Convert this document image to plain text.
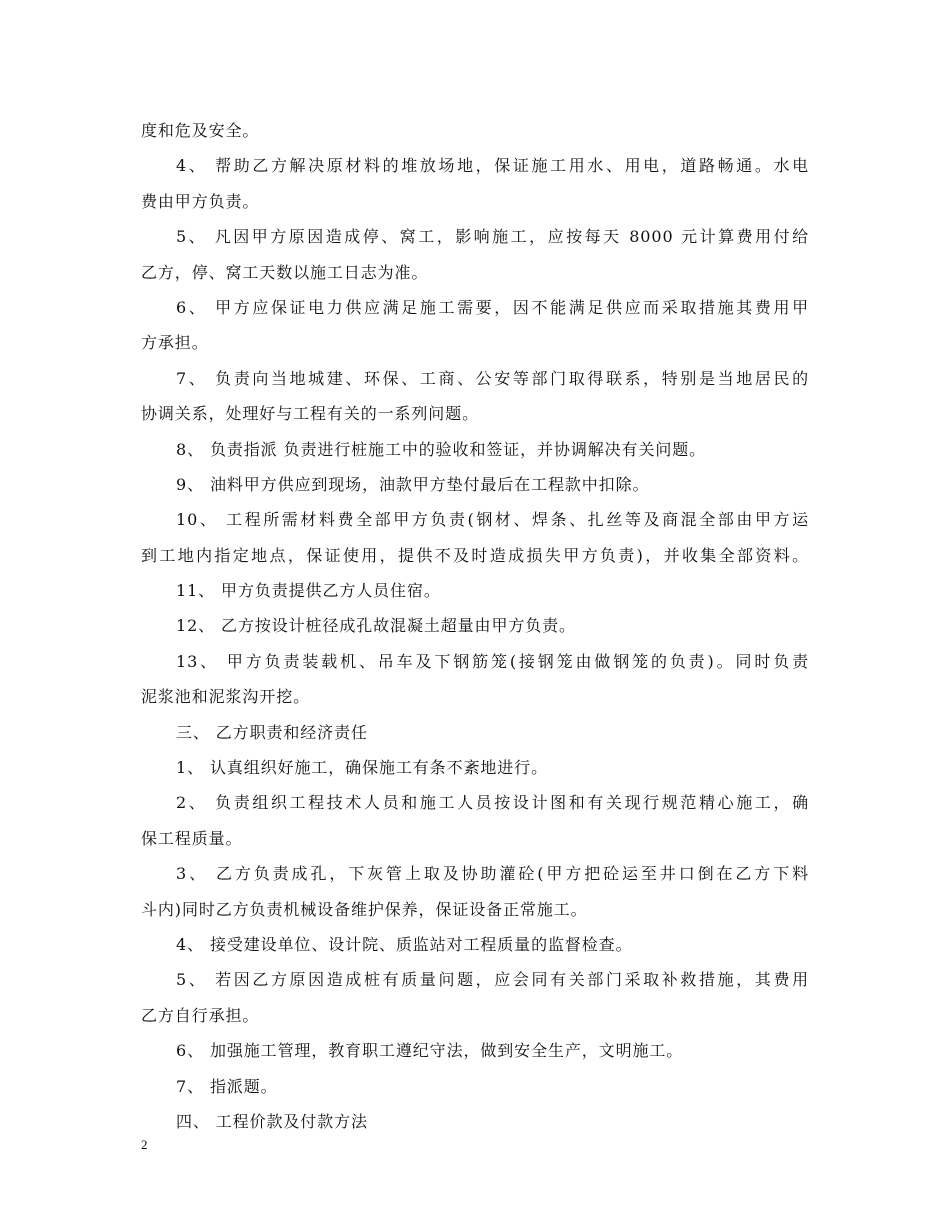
度和危及安全。
4、 帮助乙方解决原材料的堆放场地，保证施工用水、用电，道路畅通。水电
费由甲方负责。
5、 凡因甲方原因造成停、窝工，影响施工，应按每天 8000 元计算费用付给
乙方，停、窝工天数以施工日志为准。
6、 甲方应保证电力供应满足施工需要，因不能满足供应而采取措施其费用甲
方承担。
7、 负责向当地城建、环保、工商、公安等部门取得联系，特别是当地居民的
协调关系，处理好与工程有关的一系列问题。
8、 负责指派 负责进行桩施工中的验收和签证，并协调解决有关问题。
9、 油料甲方供应到现场，油款甲方垫付最后在工程款中扣除。
10、 工程所需材料费全部甲方负责(钢材、焊条、扎丝等及商混全部由甲方运
到工地内指定地点，保证使用，提供不及时造成损失甲方负责)，并收集全部资料。
11、 甲方负责提供乙方人员住宿。
12、 乙方按设计桩径成孔故混凝土超量由甲方负责。
13、 甲方负责装载机、吊车及下钢筋笼(接钢笼由做钢笼的负责)。同时负责
泥浆池和泥浆沟开挖。
三、 乙方职责和经济责任
1、 认真组织好施工，确保施工有条不紊地进行。
2、 负责组织工程技术人员和施工人员按设计图和有关现行规范精心施工，确
保工程质量。
3、 乙方负责成孔，下灰管上取及协助灌砼(甲方把砼运至井口倒在乙方下料
斗内)同时乙方负责机械设备维护保养，保证设备正常施工。
4、 接受建设单位、设计院、质监站对工程质量的监督检查。
5、 若因乙方原因造成桩有质量问题，应会同有关部门采取补救措施，其费用
乙方自行承担。
6、 加强施工管理，教育职工遵纪守法，做到安全生产，文明施工。
7、 指派题。
四、 工程价款及付款方法
2
